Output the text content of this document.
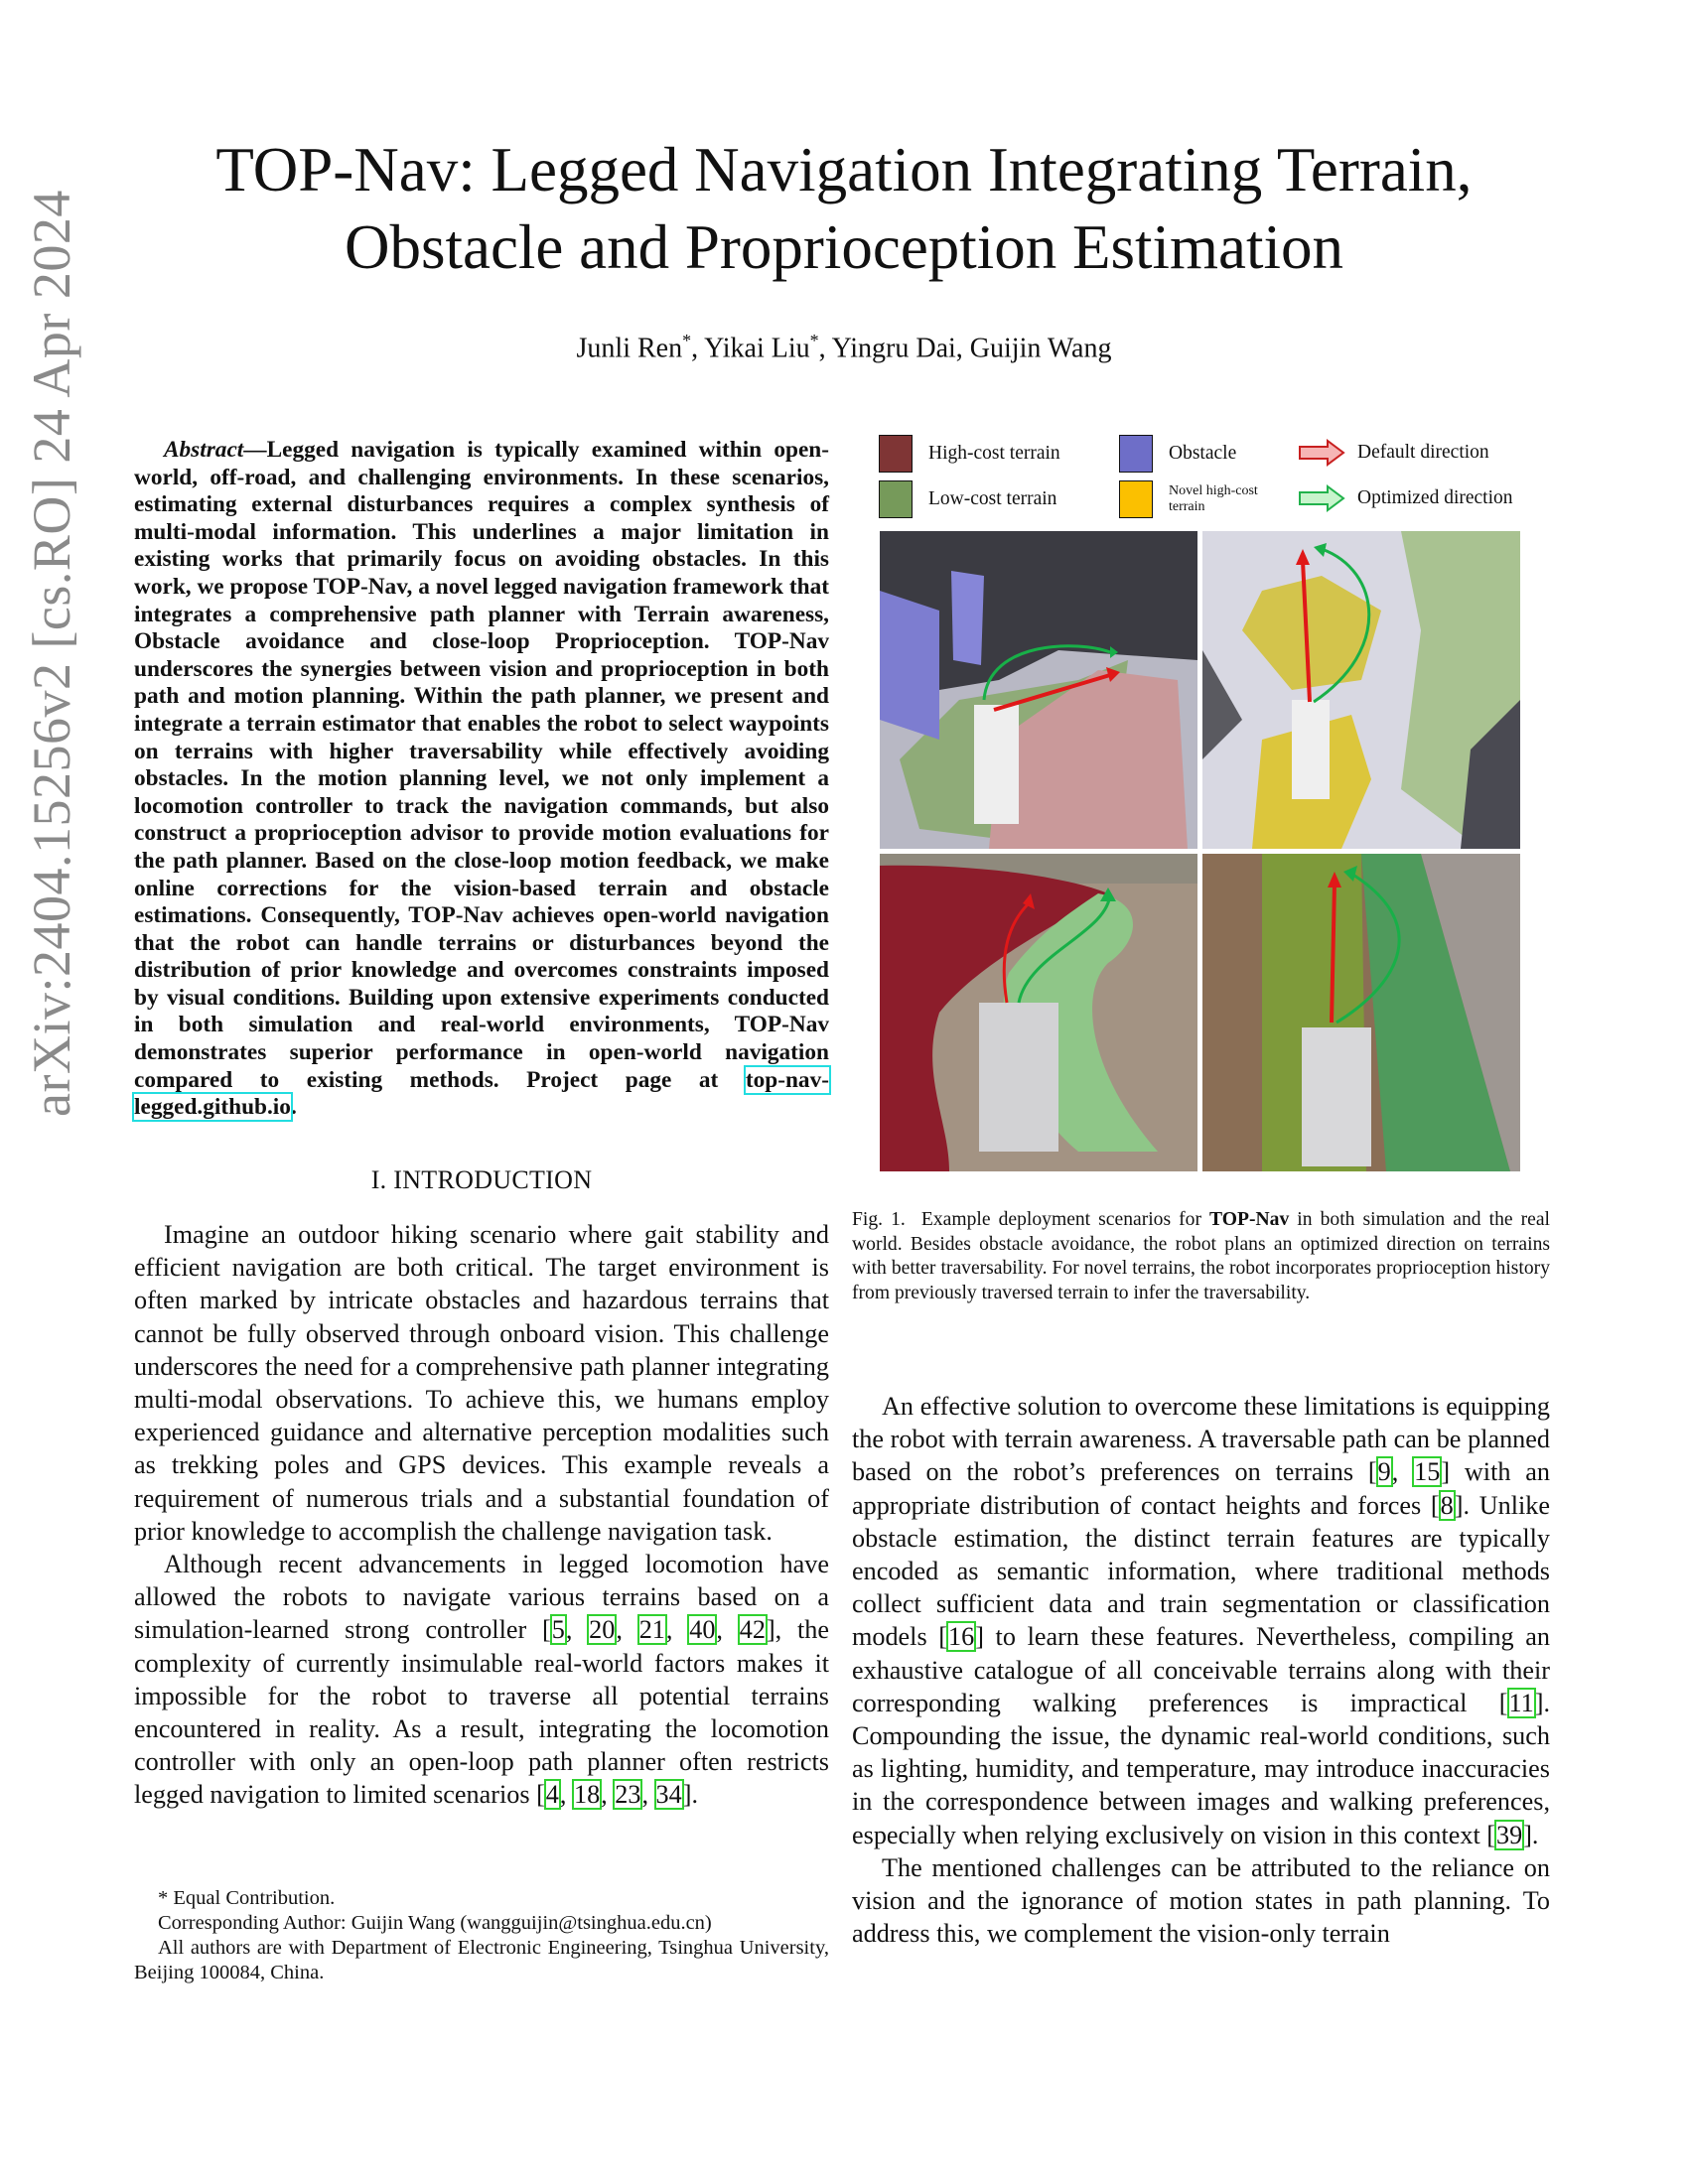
arXiv:2404.15256v2 [cs.RO] 24 Apr 2024
TOP-Nav: Legged Navigation Integrating Terrain,
Obstacle and Proprioception Estimation
Junli Ren*, Yikai Liu*, Yingru Dai, Guijin Wang
Abstract—Legged navigation is typically examined within open-world, off-road, and challenging environments. In these scenarios, estimating external disturbances requires a complex synthesis of multi-modal information. This underlines a major limitation in existing works that primarily focus on avoiding obstacles. In this work, we propose TOP-Nav, a novel legged navigation framework that integrates a comprehensive path planner with Terrain awareness, Obstacle avoidance and close-loop Proprioception. TOP-Nav underscores the synergies between vision and proprioception in both path and motion planning. Within the path planner, we present and integrate a terrain estimator that enables the robot to select waypoints on terrains with higher traversability while effectively avoiding obstacles. In the motion planning level, we not only implement a locomotion controller to track the navigation commands, but also construct a proprioception advisor to provide motion evaluations for the path planner. Based on the close-loop motion feedback, we make online corrections for the vision-based terrain and obstacle estimations. Consequently, TOP-Nav achieves open-world navigation that the robot can handle terrains or disturbances beyond the distribution of prior knowledge and overcomes constraints imposed by visual conditions. Building upon extensive experiments conducted in both simulation and real-world environments, TOP-Nav demonstrates superior performance in open-world navigation compared to existing methods. Project page at top-nav-legged.github.io.
I. INTRODUCTION

Imagine an outdoor hiking scenario where gait stability and efficient navigation are both critical. The target environment is often marked by intricate obstacles and hazardous terrains that cannot be fully observed through onboard vision. This challenge underscores the need for a comprehensive path planner integrating multi-modal observations. To achieve this, we humans employ experienced guidance and alternative perception modalities such as trekking poles and GPS devices. This example reveals a requirement of numerous trials and a substantial foundation of prior knowledge to accomplish the challenge navigation task.

Although recent advancements in legged locomotion have allowed the robots to navigate various terrains based on a simulation-learned strong controller [5, 20, 21, 40, 42], the complexity of currently insimulable real-world factors makes it impossible for the robot to traverse all potential terrains encountered in reality. As a result, integrating the locomotion controller with only an open-loop path planner often restricts legged navigation to limited scenarios [4, 18, 23, 34].

* Equal Contribution.

Corresponding Author: Guijin Wang (wangguijin@tsinghua.edu.cn)

All authors are with Department of Electronic Engineering, Tsinghua University, Beijing 100084, China.

High-cost terrain
Low-cost terrain
Obstacle
Novel high-cost terrain
Default direction
Optimized direction
Fig. 1. Example deployment scenarios for TOP-Nav in both simulation and the real world. Besides obstacle avoidance, the robot plans an optimized direction on terrains with better traversability. For novel terrains, the robot incorporates proprioception history from previously traversed terrain to infer the traversability.

An effective solution to overcome these limitations is equipping the robot with terrain awareness. A traversable path can be planned based on the robot’s preferences on terrains [9, 15] with an appropriate distribution of contact heights and forces [8]. Unlike obstacle estimation, the distinct terrain features are typically encoded as semantic information, where traditional methods collect sufficient data and train segmentation or classification models [16] to learn these features. Nevertheless, compiling an exhaustive catalogue of all conceivable terrains along with their corresponding walking preferences is impractical [11]. Compounding the issue, the dynamic real-world conditions, such as lighting, humidity, and temperature, may introduce inaccuracies in the correspondence between images and walking preferences, especially when relying exclusively on vision in this context [39].

The mentioned challenges can be attributed to the reliance on vision and the ignorance of motion states in path planning. To address this, we complement the vision-only terrain
